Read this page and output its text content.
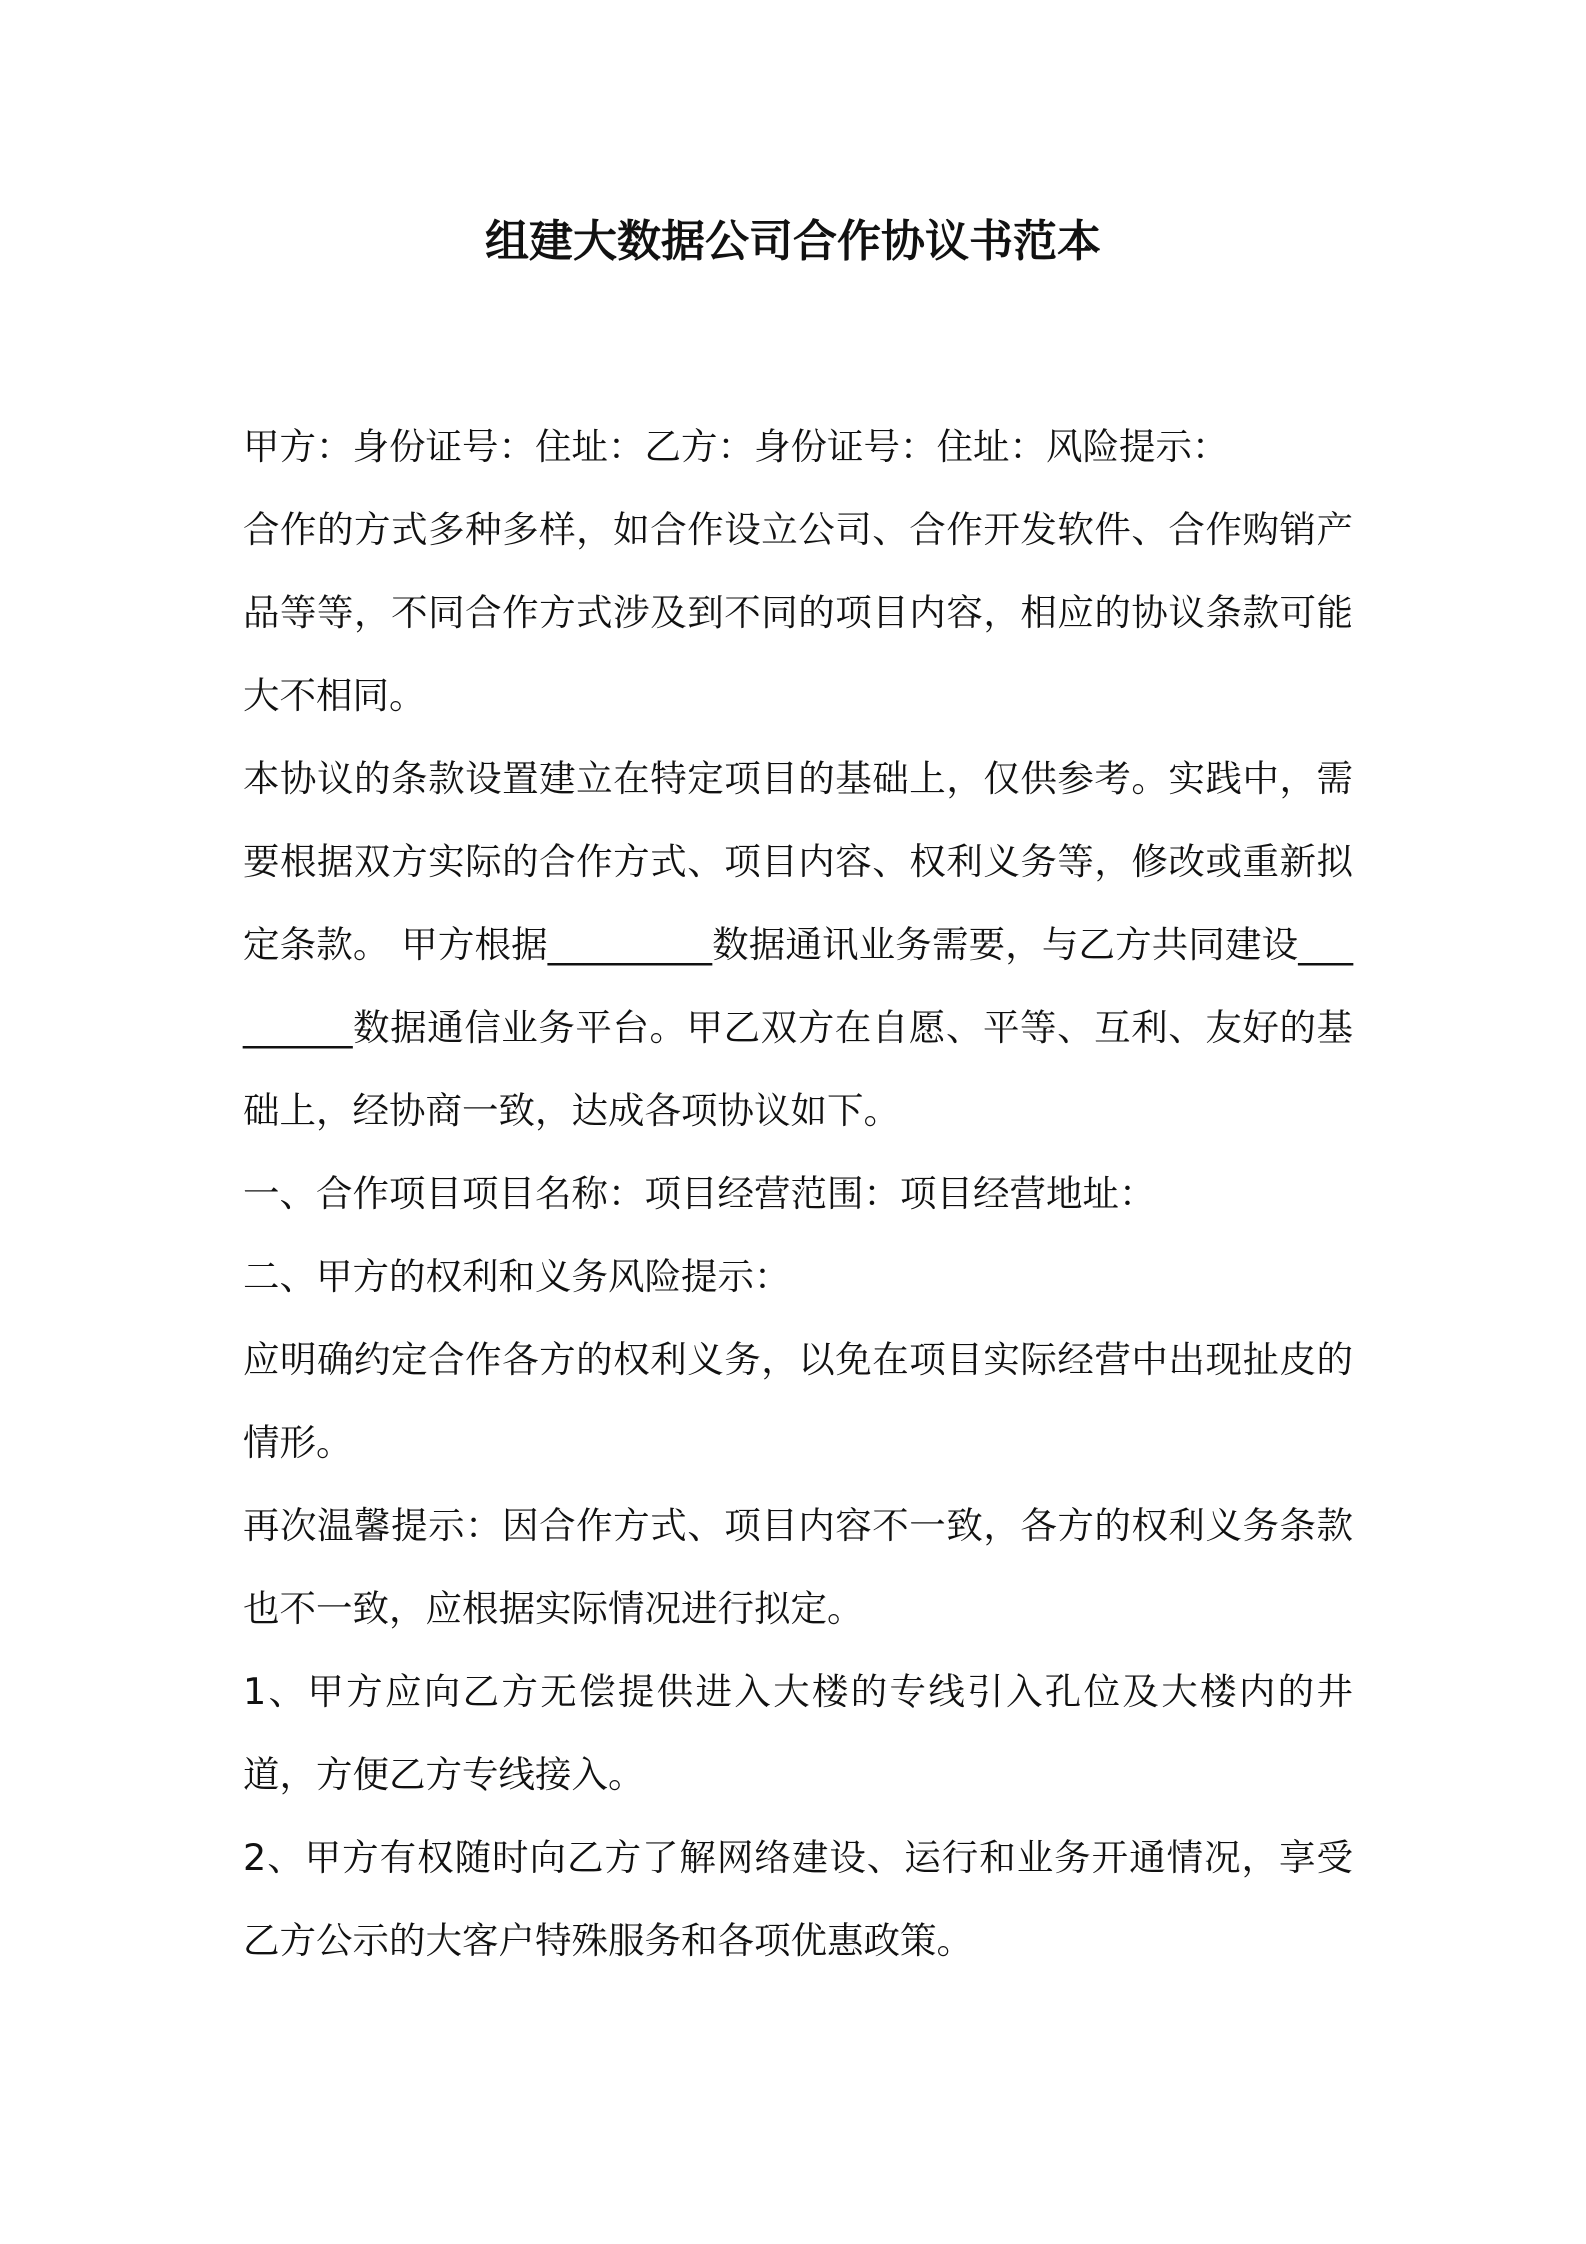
组建大数据公司合作协议书范本

甲方：身份证号：住址：乙方：身份证号：住址：风险提示：

合作的方式多种多样，如合作设立公司、合作开发软件、合作购销产品等等，不同合作方式涉及到不同的项目内容，相应的协议条款可能大不相同。

本协议的条款设置建立在特定项目的基础上，仅供参考。实践中，需要根据双方实际的合作方式、项目内容、权利义务等，修改或重新拟定条款。 甲方根据_________数据通讯业务需要，与乙方共同建设_________数据通信业务平台。甲乙双方在自愿、平等、互利、友好的基础上，经协商一致，达成各项协议如下。

一、合作项目项目名称：项目经营范围：项目经营地址：

二、甲方的权利和义务风险提示：

应明确约定合作各方的权利义务，以免在项目实际经营中出现扯皮的情形。

再次温馨提示：因合作方式、项目内容不一致，各方的权利义务条款也不一致，应根据实际情况进行拟定。

1、甲方应向乙方无偿提供进入大楼的专线引入孔位及大楼内的井道，方便乙方专线接入。

2、甲方有权随时向乙方了解网络建设、运行和业务开通情况，享受乙方公示的大客户特殊服务和各项优惠政策。
